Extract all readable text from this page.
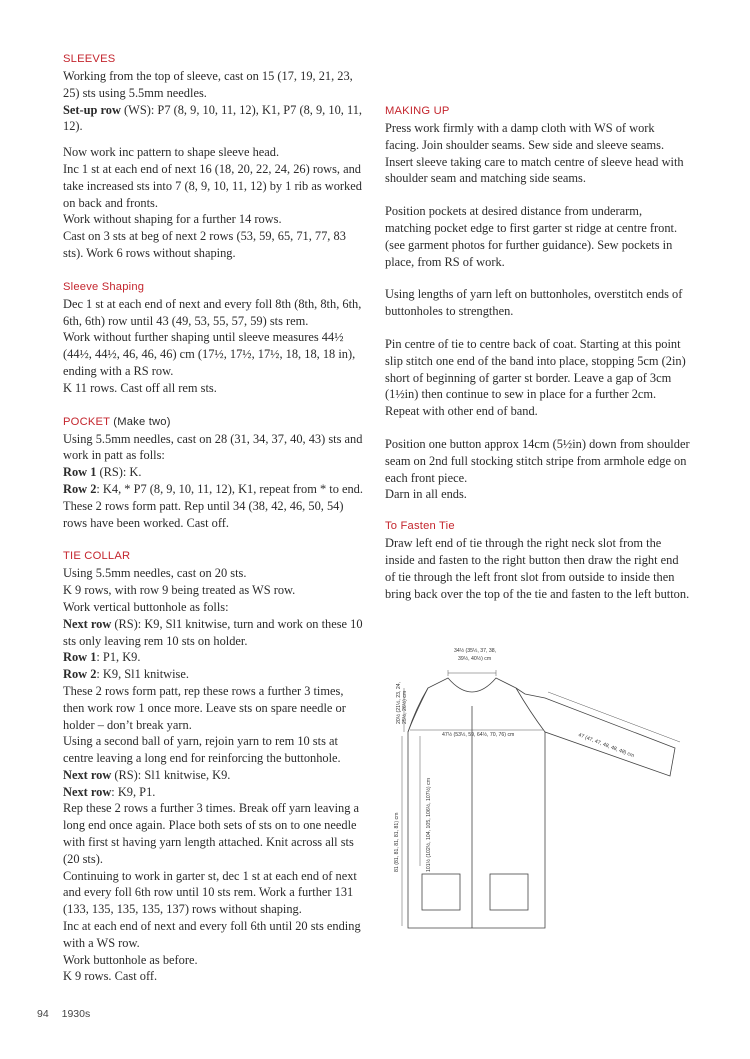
SLEEVES

Working from the top of sleeve, cast on 15 (17, 19, 21, 23, 25) sts using 5.5mm needles.

Set-up row (WS): P7 (8, 9, 10, 11, 12), K1, P7 (8, 9, 10, 11, 12).

Now work inc pattern to shape sleeve head.

Inc 1 st at each end of next 16 (18, 20, 22, 24, 26) rows, and take increased sts into 7 (8, 9, 10, 11, 12) by 1 rib as worked on back and fronts.

Work without shaping for a further 14 rows.

Cast on 3 sts at beg of next 2 rows (53, 59, 65, 71, 77, 83 sts). Work 6 rows without shaping.

Sleeve Shaping

Dec 1 st at each end of next and every foll 8th (8th, 8th, 6th, 6th, 6th) row until 43 (49, 53, 55, 57, 59) sts rem.

Work without further shaping until sleeve measures 44½ (44½, 44½, 46, 46, 46) cm (17½, 17½, 17½, 18, 18, 18 in), ending with a RS row.

K 11 rows. Cast off all rem sts.

POCKET (Make two)

Using 5.5mm needles, cast on 28 (31, 34, 37, 40, 43) sts and work in patt as folls:

Row 1 (RS): K.

Row 2: K4, * P7 (8, 9, 10, 11, 12), K1, repeat from * to end.

These 2 rows form patt. Rep until 34 (38, 42, 46, 50, 54) rows have been worked. Cast off.

TIE COLLAR

Using 5.5mm needles, cast on 20 sts.

K 9 rows, with row 9 being treated as WS row.

Work vertical buttonhole as folls:

Next row (RS): K9, Sl1 knitwise, turn and work on these 10 sts only leaving rem 10 sts on holder.

Row 1: P1, K9.

Row 2: K9, Sl1 knitwise.

These 2 rows form patt, rep these rows a further 3 times, then work row 1 once more. Leave sts on spare needle or holder – don’t break yarn.

Using a second ball of yarn, rejoin yarn to rem 10 sts at centre leaving a long end for reinforcing the buttonhole.

Next row (RS): Sl1 knitwise, K9.

Next row: K9, P1.

Rep these 2 rows a further 3 times. Break off yarn leaving a long end once again. Place both sets of sts on to one needle with first st having yarn length attached. Knit across all sts (20 sts).

Continuing to work in garter st, dec 1 st at each end of next and every foll 6th row until 10 sts rem. Work a further 131 (133, 135, 135, 135, 137) rows without shaping.

Inc at each end of next and every foll 6th until 20 sts ending with a WS row.

Work buttonhole as before.

K 9 rows. Cast off.

MAKING UP

Press work firmly with a damp cloth with WS of work facing. Join shoulder seams. Sew side and sleeve seams. Insert sleeve taking care to match centre of sleeve head with shoulder seam and matching side seams.

Position pockets at desired distance from underarm, matching pocket edge to first garter st ridge at centre front. (see garment photos for further guidance). Sew pockets in place, from RS of work.

Using lengths of yarn left on buttonholes, overstitch ends of buttonholes to strengthen.

Pin centre of tie to centre back of coat. Starting at this point slip stitch one end of the band into place, stopping 5cm (2in) short of beginning of garter st border. Leave a gap of 3cm (1½in) then continue to sew in place for a further 2cm. Repeat with other end of band.

Position one button approx 14cm (5½in) down from shoulder seam on 2nd full stocking stitch stripe from armhole edge on each front piece.

Darn in all ends.

To Fasten Tie

Draw left end of tie through the right neck slot from the inside and fasten to the right button then draw the right end of tie through the left front slot from outside to inside then bring back over the top of the tie and fasten to the left button.

34½ (35½, 37, 38,
39½, 40½) cm
20½ (21½, 23, 24, 25½, 26½) cm
47½ (53½, 59, 64½, 70, 76) cm	47 (47, 47, 48, 48, 48) cm
81 (81, 81, 81, 81, 81) cm	101½ (102½, 104, 105, 106½, 107½) cm
94 1930s
